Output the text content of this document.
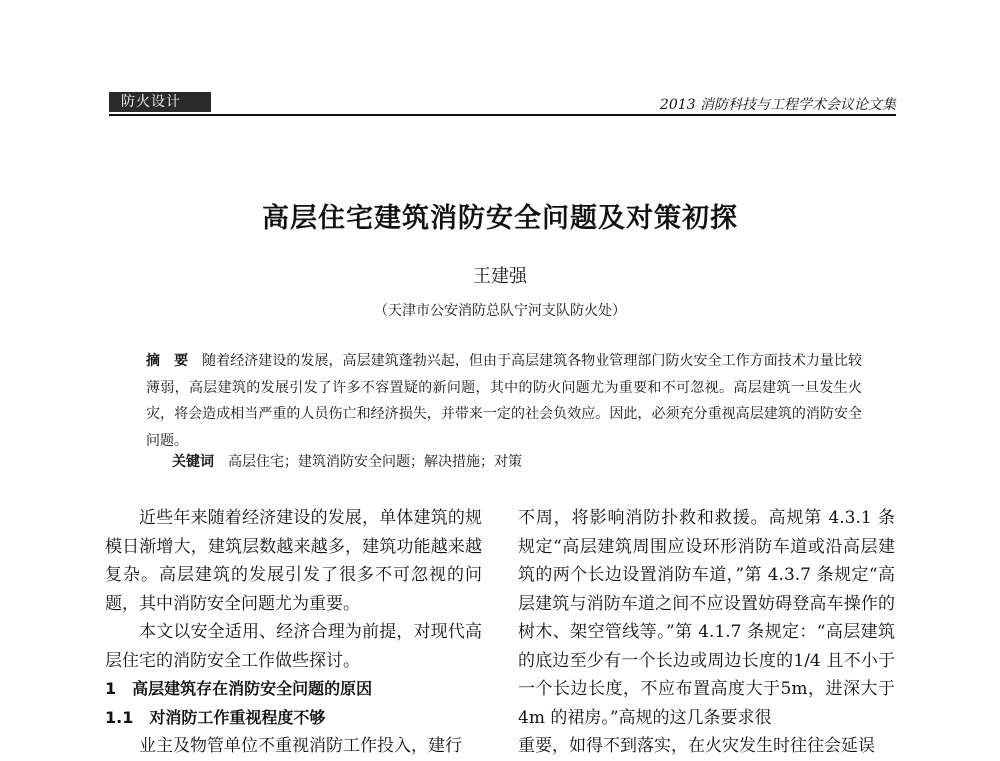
防火设计	2013 消防科技与工程学术会议论文集
高层住宅建筑消防安全问题及对策初探
王建强
（天津市公安消防总队宁河支队防火处）

摘　要 随着经济建设的发展，高层建筑蓬勃兴起，但由于高层建筑各物业管理部门防火安全工作方面技术力量比较薄弱，高层建筑的发展引发了许多不容置疑的新问题，其中的防火问题尤为重要和不可忽视。高层建筑一旦发生火灾，将会造成相当严重的人员伤亡和经济损失，并带来一定的社会负效应。因此，必须充分重视高层建筑的消防安全问题。

关键词 高层住宅；建筑消防安全问题；解决措施；对策

近些年来随着经济建设的发展，单体建筑的规模日渐增大，建筑层数越来越多，建筑功能越来越复杂。高层建筑的发展引发了很多不可忽视的问题，其中消防安全问题尤为重要。

本文以安全适用、经济合理为前提，对现代高层住宅的消防安全工作做些探讨。

1　高层建筑存在消防安全问题的原因

1.1　对消防工作重视程度不够

业主及物管单位不重视消防工作投入，建行

不周，将影响消防扑救和救援。高规第 4.3.1 条规定“高层建筑周围应设环形消防车道或沿高层建筑的两个长边设置消防车道，”第 4.3.7 条规定“高层建筑与消防车道之间不应设置妨碍登高车操作的树木、架空管线等。”第 4.1.7 条规定：“高层建筑的底边至少有一个长边或周边长度的1/4 且不小于一个长边长度，不应布置高度大于5m，进深大于 4m 的裙房。”高规的这几条要求很

重要，如得不到落实，在火灾发生时往往会延误
